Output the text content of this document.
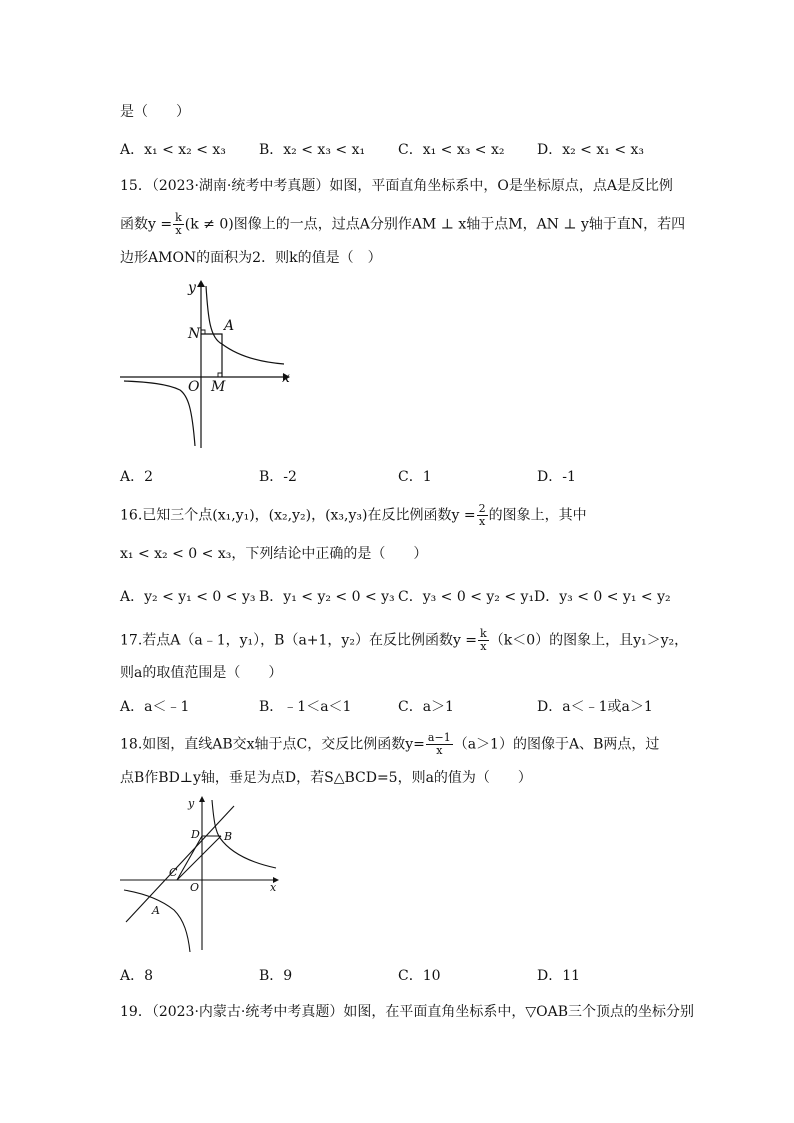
是（　　）
A．x₁ < x₂ < x₃ B．x₂ < x₃ < x₁ C．x₁ < x₃ < x₂ D．x₂ < x₁ < x₃
15．（2023·湖南·统考中考真题）如图，平面直角坐标系中，O是坐标原点，点A是反比例
函数$y = \frac{k}{x} (k \ne 0)$图像上的一点，过点A分别作AM ⊥ x轴于点M，AN ⊥ y轴于直N，若四
边形AMON的面积为2．则k的值是（　）
y
x
N A
O M
A．2	B．-2	C．1	D．-1
16.已知三个点(x₁,y₁)，(x₂,y₂)，(x₃,y₃)在反比例函数$y = \frac{2}{x}$ 的图象上，其中
x₁ < x₂ < 0 < x₃，下列结论中正确的是（　　）
A．y₂ < y₁ < 0 < y₃ B．y₁ < y₂ < 0 < y₃ C．y₃ < 0 < y₂ < y₁ D．y₃ < 0 < y₁ < y₂
17.若点A（a﹣1，y₁），B（a+1，y₂）在反比例函数$y = \frac{k}{x} (k<0)$的图象上，且y₁＞y₂，
则a的取值范围是（　　）
A．a＜﹣1	B．﹣1＜a＜1	C．a＞1	D．a＜﹣1或a＞1
18.如图，直线AB交x轴于点C，交反比例函数$y= \frac{a-1}{x} (a>1)$的图像于A、B两点，过
点B作BD⊥y轴，垂足为点D，若S△BCD=5，则a的值为（　　）
y
x
D B
C
O
A
A．8	B．9	C．10	D．11
19．（2023·内蒙古·统考中考真题）如图，在平面直角坐标系中，▽OAB三个顶点的坐标分别
